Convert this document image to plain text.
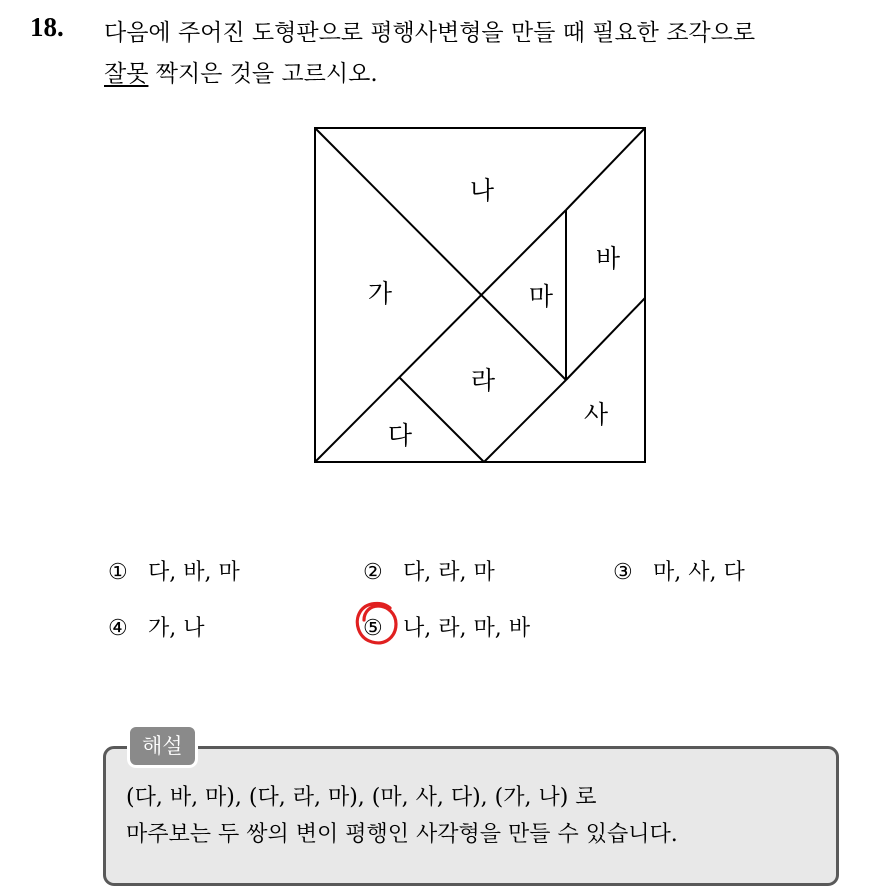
18. 다음에 주어진 도형판으로 평행사변형을 만들 때 필요한 조각으로
잘못 짝지은 것을 고르시오.
가
나
다
라
마
바
사
① 다, 바, 마	② 다, 라, 마	③ 마, 사, 다
④ 가, 나	⑤ 나, 라, 마, 바
해설
(다, 바, 마), (다, 라, 마), (마, 사, 다), (가, 나) 로
마주보는 두 쌍의 변이 평행인 사각형을 만들 수 있습니다.
